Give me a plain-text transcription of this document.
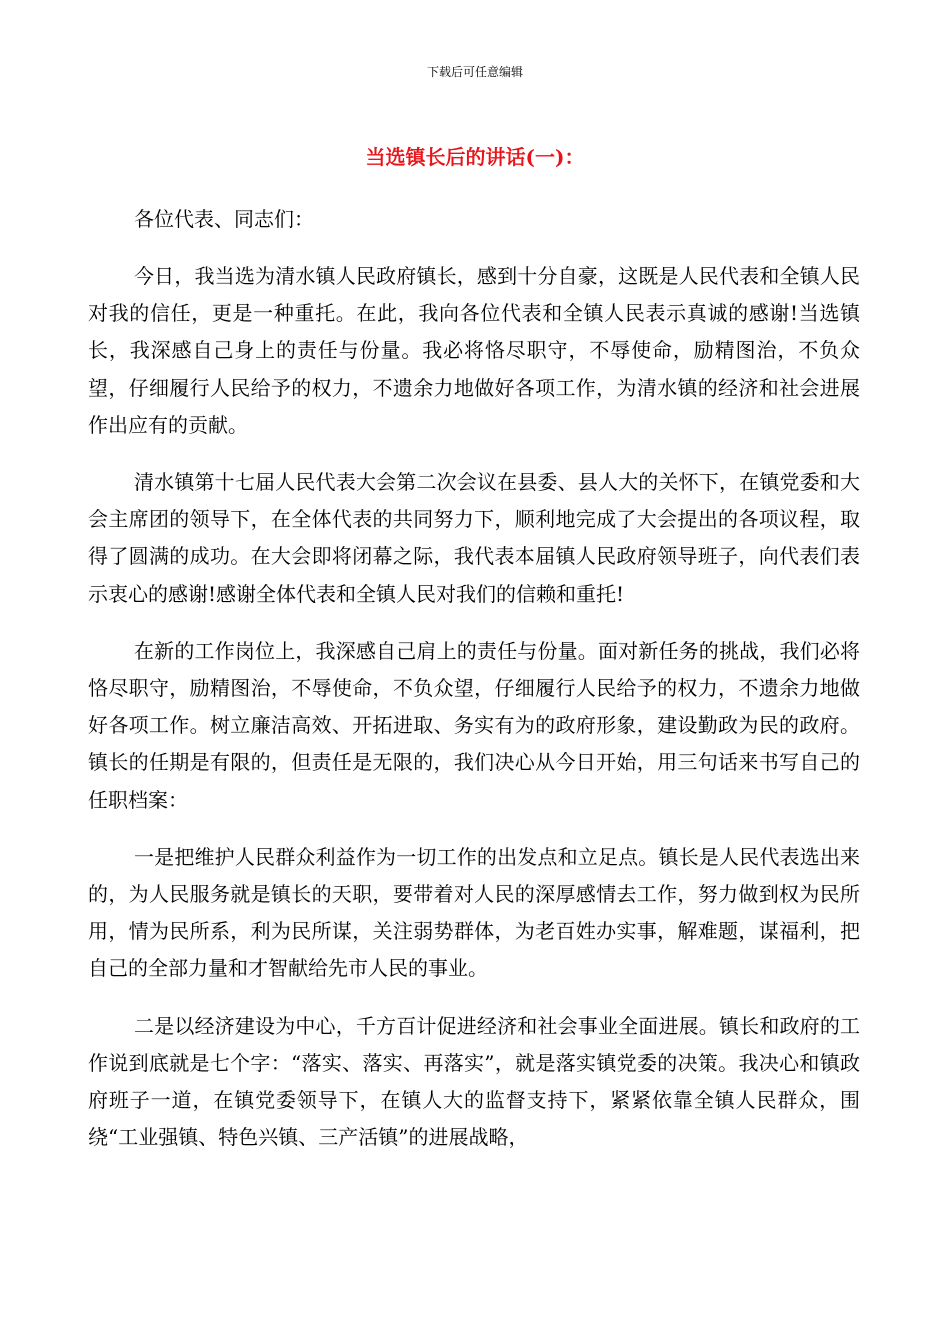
下载后可任意编辑
当选镇长后的讲话(一)：

各位代表、同志们：

今日，我当选为清水镇人民政府镇长，感到十分自豪，这既是人民代表和全镇人民对我的信任，更是一种重托。在此，我向各位代表和全镇人民表示真诚的感谢!当选镇长，我深感自己身上的责任与份量。我必将恪尽职守，不辱使命，励精图治，不负众望，仔细履行人民给予的权力，不遗余力地做好各项工作，为清水镇的经济和社会进展作出应有的贡献。

清水镇第十七届人民代表大会第二次会议在县委、县人大的关怀下，在镇党委和大会主席团的领导下，在全体代表的共同努力下，顺利地完成了大会提出的各项议程，取得了圆满的成功。在大会即将闭幕之际，我代表本届镇人民政府领导班子，向代表们表示衷心的感谢!感谢全体代表和全镇人民对我们的信赖和重托!

在新的工作岗位上，我深感自己肩上的责任与份量。面对新任务的挑战，我们必将恪尽职守，励精图治，不辱使命，不负众望，仔细履行人民给予的权力，不遗余力地做好各项工作。树立廉洁高效、开拓进取、务实有为的政府形象，建设勤政为民的政府。镇长的任期是有限的，但责任是无限的，我们决心从今日开始，用三句话来书写自己的任职档案：

一是把维护人民群众利益作为一切工作的出发点和立足点。镇长是人民代表选出来的，为人民服务就是镇长的天职，要带着对人民的深厚感情去工作，努力做到权为民所用，情为民所系，利为民所谋，关注弱势群体，为老百姓办实事，解难题，谋福利，把自己的全部力量和才智献给先市人民的事业。

二是以经济建设为中心，千方百计促进经济和社会事业全面进展。镇长和政府的工作说到底就是七个字：“落实、落实、再落实”，就是落实镇党委的决策。我决心和镇政府班子一道，在镇党委领导下，在镇人大的监督支持下，紧紧依靠全镇人民群众，围绕“工业强镇、特色兴镇、三产活镇”的进展战略，
